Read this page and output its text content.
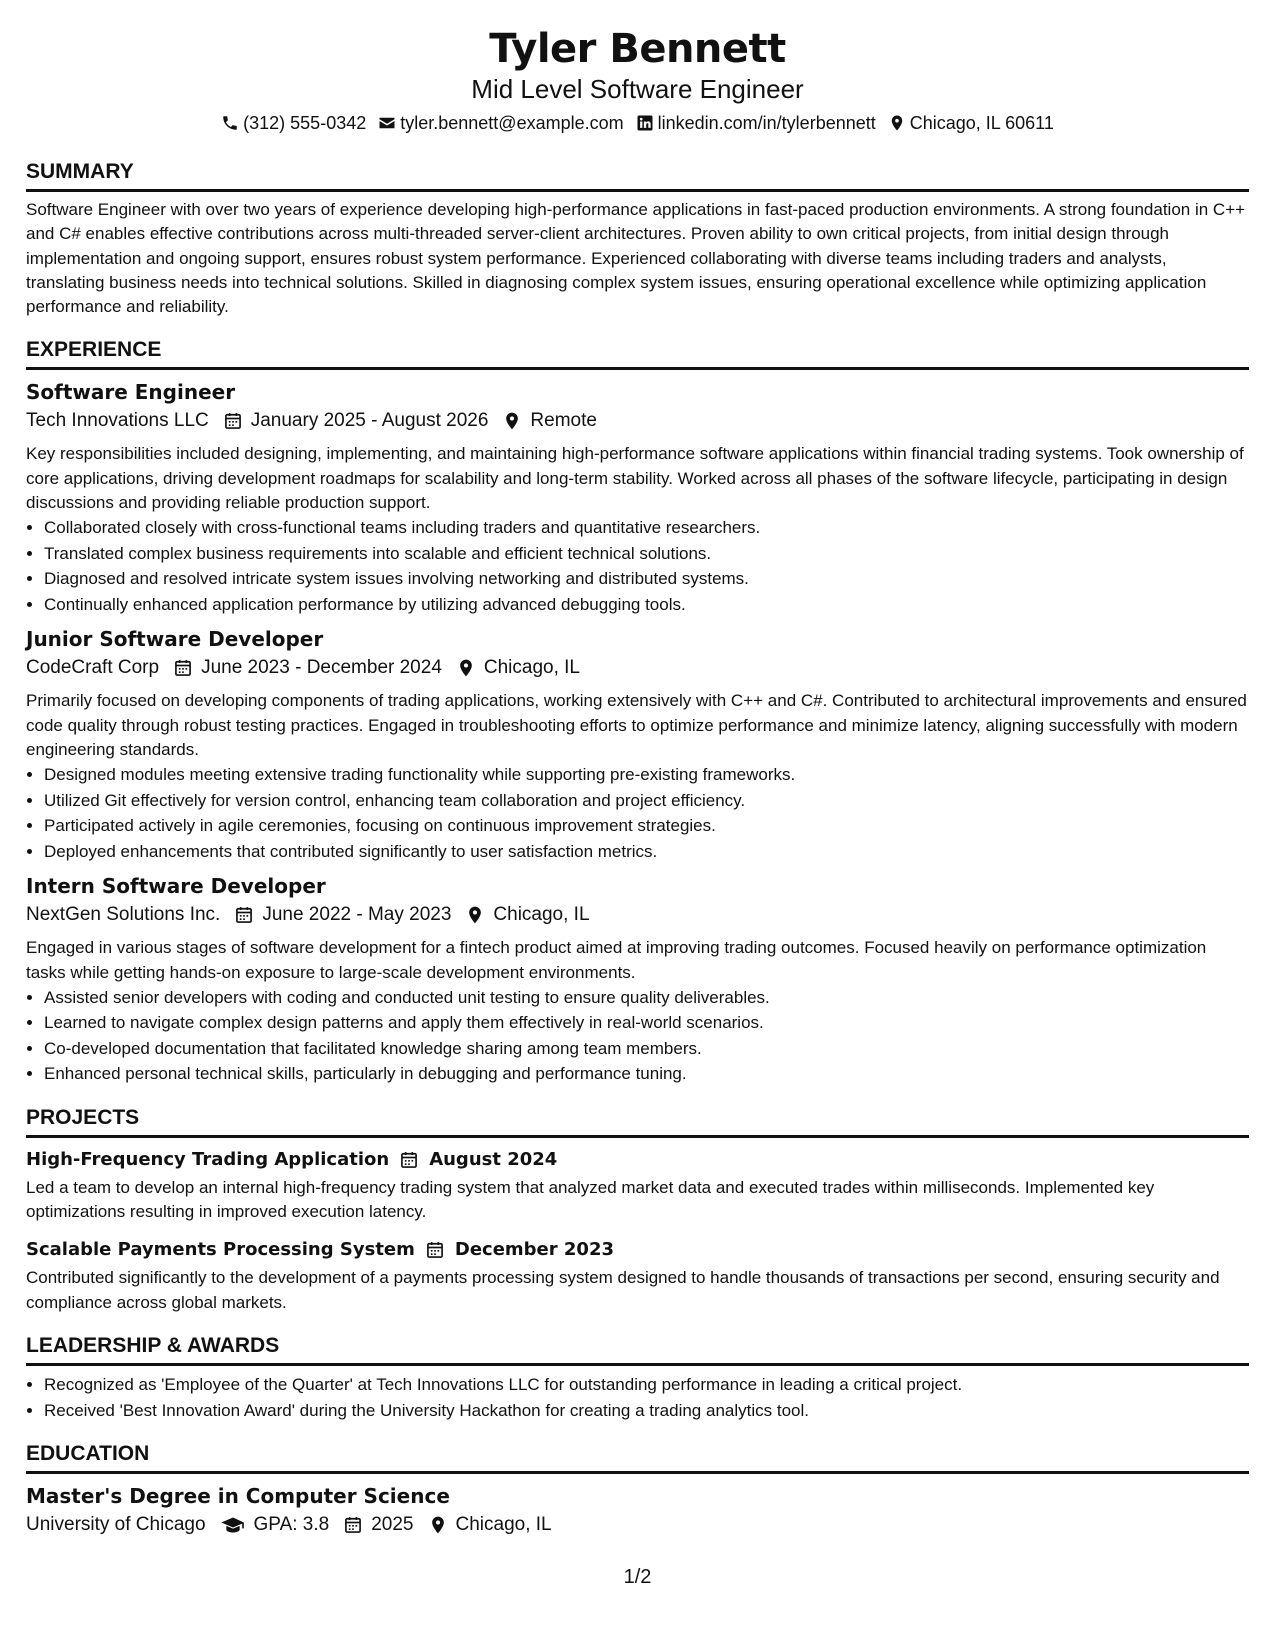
Tyler Bennett
Mid Level Software Engineer
(312) 555-0342 tyler.bennett@example.com linkedin.com/in/tylerbennett Chicago, IL 60611
SUMMARY

Software Engineer with over two years of experience developing high-performance applications in fast-paced production environments. A strong foundation in C++ and C# enables effective contributions across multi-threaded server-client architectures. Proven ability to own critical projects, from initial design through implementation and ongoing support, ensures robust system performance. Experienced collaborating with diverse teams including traders and analysts, translating business needs into technical solutions. Skilled in diagnosing complex system issues, ensuring operational excellence while optimizing application performance and reliability.

EXPERIENCE
Software Engineer
Tech Innovations LLC January 2025 - August 2026 Remote

Key responsibilities included designing, implementing, and maintaining high-performance software applications within financial trading systems. Took ownership of core applications, driving development roadmaps for scalability and long-term stability. Worked across all phases of the software lifecycle, participating in design discussions and providing reliable production support.

• Collaborated closely with cross-functional teams including traders and quantitative researchers.
• Translated complex business requirements into scalable and efficient technical solutions.
• Diagnosed and resolved intricate system issues involving networking and distributed systems.
• Continually enhanced application performance by utilizing advanced debugging tools.
Junior Software Developer
CodeCraft Corp June 2023 - December 2024 Chicago, IL

Primarily focused on developing components of trading applications, working extensively with C++ and C#. Contributed to architectural improvements and ensured code quality through robust testing practices. Engaged in troubleshooting efforts to optimize performance and minimize latency, aligning successfully with modern engineering standards.

• Designed modules meeting extensive trading functionality while supporting pre-existing frameworks.
• Utilized Git effectively for version control, enhancing team collaboration and project efficiency.
• Participated actively in agile ceremonies, focusing on continuous improvement strategies.
• Deployed enhancements that contributed significantly to user satisfaction metrics.
Intern Software Developer
NextGen Solutions Inc. June 2022 - May 2023 Chicago, IL

Engaged in various stages of software development for a fintech product aimed at improving trading outcomes. Focused heavily on performance optimization tasks while getting hands-on exposure to large-scale development environments.

• Assisted senior developers with coding and conducted unit testing to ensure quality deliverables.
• Learned to navigate complex design patterns and apply them effectively in real-world scenarios.
• Co-developed documentation that facilitated knowledge sharing among team members.
• Enhanced personal technical skills, particularly in debugging and performance tuning.
PROJECTS
High-Frequency Trading Application August 2024

Led a team to develop an internal high-frequency trading system that analyzed market data and executed trades within milliseconds. Implemented key optimizations resulting in improved execution latency.

Scalable Payments Processing System December 2023

Contributed significantly to the development of a payments processing system designed to handle thousands of transactions per second, ensuring security and compliance across global markets.

LEADERSHIP & AWARDS
• Recognized as 'Employee of the Quarter' at Tech Innovations LLC for outstanding performance in leading a critical project.
• Received 'Best Innovation Award' during the University Hackathon for creating a trading analytics tool.
EDUCATION
Master's Degree in Computer Science
University of Chicago	GPA: 3.8 2025 Chicago, IL
1/2
